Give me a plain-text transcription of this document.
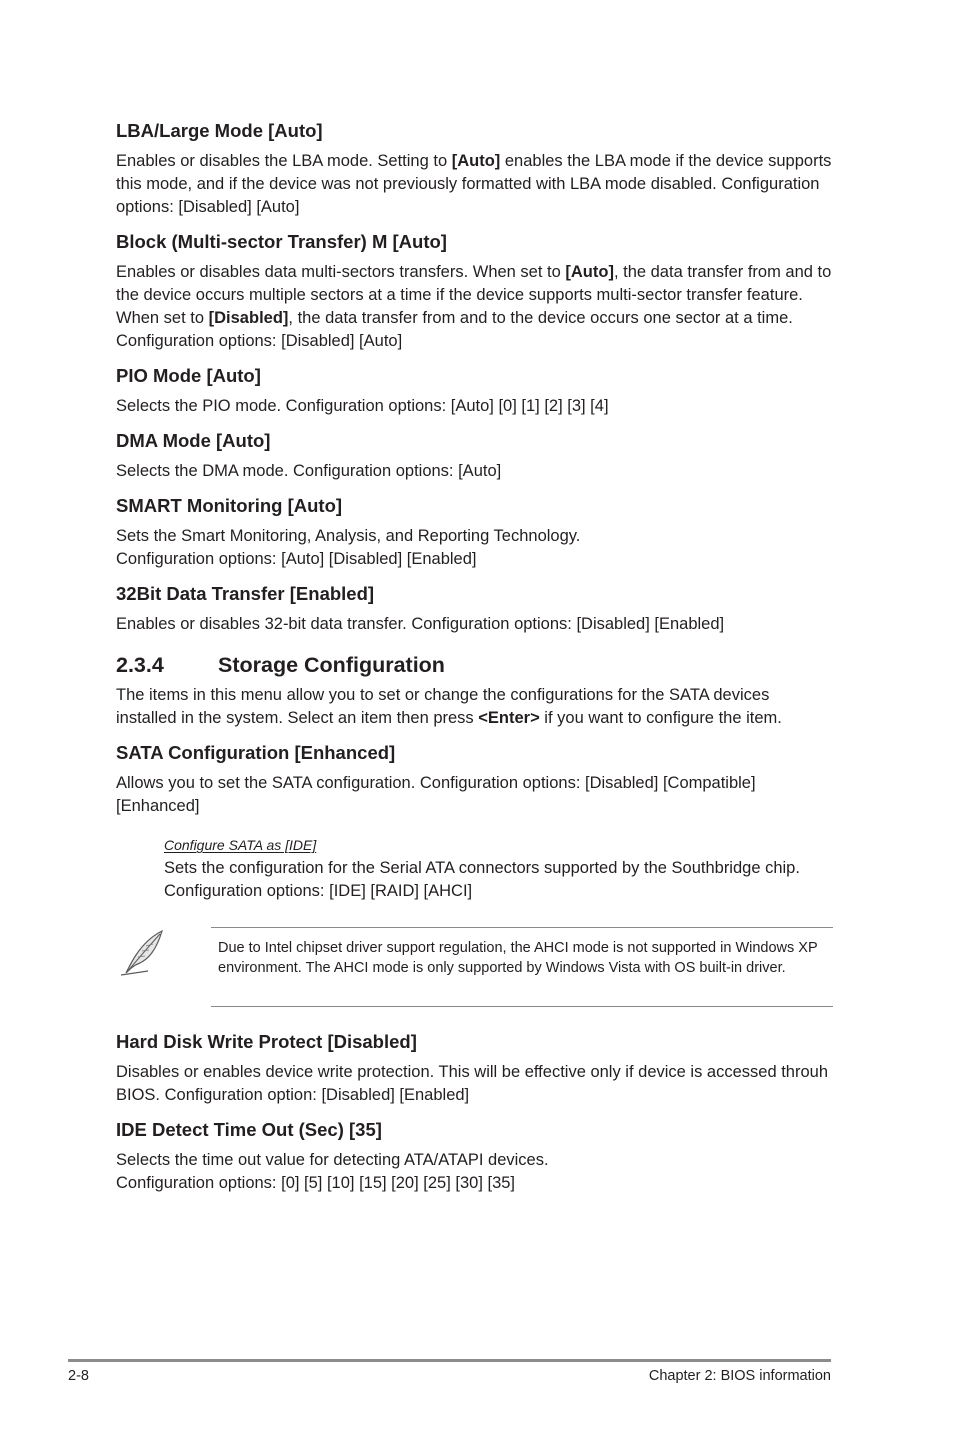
LBA/Large Mode [Auto]

Enables or disables the LBA mode. Setting to [Auto] enables the LBA mode if the device supports this mode, and if the device was not previously formatted with LBA mode disabled. Configuration options: [Disabled] [Auto]

Block (Multi-sector Transfer) M [Auto]

Enables or disables data multi-sectors transfers. When set to [Auto], the data transfer from and to the device occurs multiple sectors at a time if the device supports multi-sector transfer feature. When set to [Disabled], the data transfer from and to the device occurs one sector at a time. Configuration options: [Disabled] [Auto]

PIO Mode [Auto]

Selects the PIO mode. Configuration options: [Auto] [0] [1] [2] [3] [4]

DMA Mode [Auto]

Selects the DMA mode. Configuration options: [Auto]

SMART Monitoring [Auto]

Sets the Smart Monitoring, Analysis, and Reporting Technology.
Configuration options: [Auto] [Disabled] [Enabled]

32Bit Data Transfer [Enabled]

Enables or disables 32-bit data transfer. Configuration options: [Disabled] [Enabled]

2.3.4	Storage Configuration

The items in this menu allow you to set or change the configurations for the SATA devices installed in the system. Select an item then press <Enter> if you want to configure the item.

SATA Configuration [Enhanced]

Allows you to set the SATA configuration. Configuration options: [Disabled] [Compatible] [Enhanced]

Configure SATA as [IDE]

Sets the configuration for the Serial ATA connectors supported by the Southbridge chip.
Configuration options: [IDE] [RAID] [AHCI]

Due to Intel chipset driver support regulation, the AHCI mode is not supported in Windows XP environment. The AHCI mode is only supported by Windows Vista with OS built-in driver.
Hard Disk Write Protect [Disabled]

Disables or enables device write protection. This will be effective only if device is accessed throuh BIOS. Configuration option: [Disabled] [Enabled]

IDE Detect Time Out (Sec) [35]

Selects the time out value for detecting ATA/ATAPI devices.
Configuration options: [0] [5] [10] [15] [20] [25] [30] [35]

2-8	Chapter 2: BIOS information
